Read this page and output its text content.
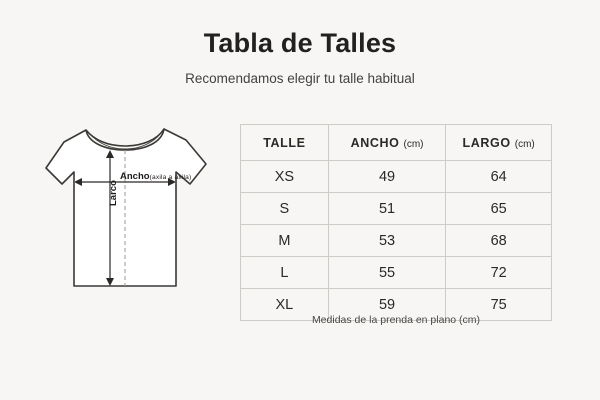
Tabla de Talles

Recomendamos elegir tu talle habitual

Ancho(axila a axila)
Larco
TALLE	ANCHO (cm)	LARGO (cm)
XS	49	64
S	51	65
M	53	68
L	55	72
XL	59	75
Medidas de la prenda en plano (cm)
